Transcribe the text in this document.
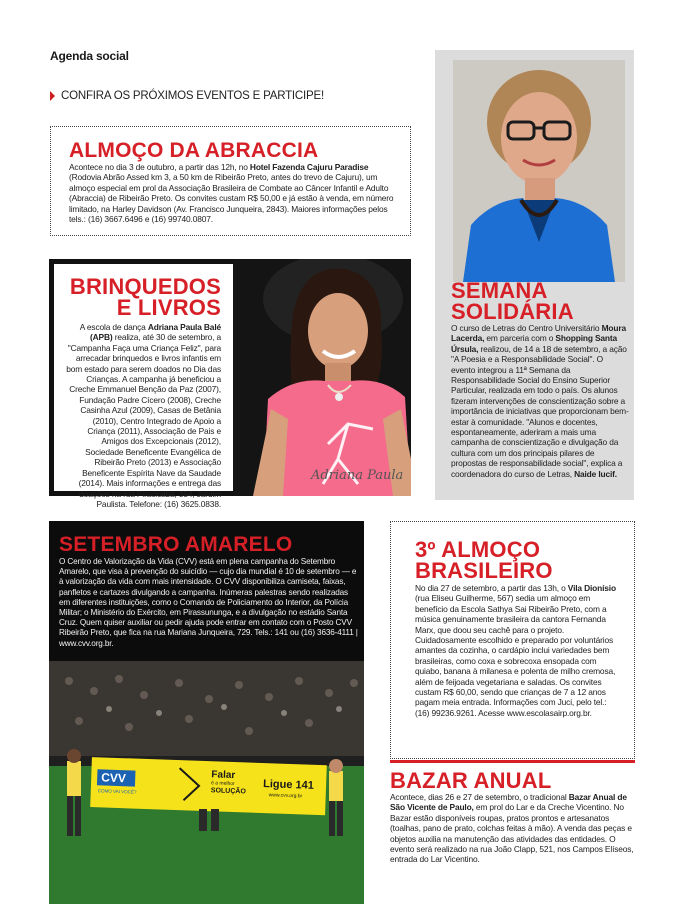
Agenda social
CONFIRA OS PRÓXIMOS EVENTOS E PARTICIPE!
ALMOÇO DA ABRACCIA

Acontece no dia 3 de outubro, a partir das 12h, no Hotel Fazenda Cajuru Paradise (Rodovia Abrão Assed km 3, a 50 km de Ribeirão Preto, antes do trevo de Cajuru), um almoço especial em prol da Associação Brasileira de Combate ao Câncer Infantil e Adulto (Abraccia) de Ribeirão Preto. Os convites custam R$ 50,00 e já estão à venda, em número limitado, na Harley Davidson (Av. Francisco Junqueira, 2843). Maiores informações pelos tels.: (16) 3667.6496 e (16) 99740.0807.

BRINQUEDOS
E LIVROS

A escola de dança Adriana Paula Balé (APB) realiza, até 30 de setembro, a "Campanha Faça uma Criança Feliz", para arrecadar brinquedos e livros infantis em bom estado para serem doados no Dia das Crianças. A campanha já beneficiou a Creche Emmanuel Benção da Paz (2007), Fundação Padre Cícero (2008), Creche Casinha Azul (2009), Casas de Betânia (2010), Centro Integrado de Apoio a Criança (2011), Associação de Pais e Amigos dos Excepcionais (2012), Sociedade Beneficente Evangélica de Ribeirão Preto (2013) e Associação Beneficente Espírita Nave da Saudade (2014). Mais informações e entrega das doações na rua Piracicaba, 354, Jardim Paulista. Telefone: (16) 3625.0838.

Adriana Paula
SEMANA
SOLIDÁRIA

O curso de Letras do Centro Universitário Moura Lacerda, em parceria com o Shopping Santa Úrsula, realizou, de 14 a 18 de setembro, a ação "A Poesia e a Responsabilidade Social". O evento integrou a 11ª Semana da Responsabilidade Social do Ensino Superior Particular, realizada em todo o país. Os alunos fizeram intervenções de conscientização sobre a importância de iniciativas que proporcionam bem-estar à comunidade. "Alunos e docentes, espontaneamente, aderiram a mais uma campanha de conscientização e divulgação da cultura com um dos principais pilares de propostas de responsabilidade social", explica a coordenadora do curso de Letras, Naide Iucif.

CVV
COMO VAI VOCÊ?
Falar
é a melhor
SOLUÇÃO Ligue 141
www.cvv.org.br
SETEMBRO AMARELO

O Centro de Valorização da Vida (CVV) está em plena campanha do Setembro Amarelo, que visa à prevenção do suicídio — cujo dia mundial é 10 de setembro — e à valorização da vida com mais intensidade. O CVV disponibiliza camiseta, faixas, panfletos e cartazes divulgando a campanha. Inúmeras palestras sendo realizadas em diferentes instituições, como o Comando de Policiamento do Interior, da Polícia Militar; o Ministério do Exército, em Pirassununga, e a divulgação no estádio Santa Cruz. Quem quiser auxiliar ou pedir ajuda pode entrar em contato com o Posto CVV Ribeirão Preto, que fica na rua Mariana Junqueira, 729. Tels.: 141 ou (16) 3636-4111 | www.cvv.org.br.

3º ALMOÇO
BRASILEIRO

No dia 27 de setembro, a partir das 13h, o Vila Dionísio (rua Eliseu Guilherme, 567) sedia um almoço em benefício da Escola Sathya Sai Ribeirão Preto, com a música genuinamente brasileira da cantora Fernanda Marx, que doou seu cachê para o projeto. Cuidadosamente escolhido e preparado por voluntários amantes da cozinha, o cardápio inclui variedades bem brasileiras, como coxa e sobrecoxa ensopada com quiabo, banana à milanesa e polenta de milho cremosa, além de feijoada vegetariana e saladas. Os convites custam R$ 60,00, sendo que crianças de 7 a 12 anos pagam meia entrada. Informações com Juci, pelo tel.: (16) 99236.9261. Acesse www.escolasairp.org.br.

BAZAR ANUAL

Acontece, dias 26 e 27 de setembro, o tradicional Bazar Anual de São Vicente de Paulo, em prol do Lar e da Creche Vicentino. No Bazar estão disponíveis roupas, pratos prontos e artesanatos (toalhas, pano de prato, colchas feitas à mão). A venda das peças e objetos auxilia na manutenção das atividades das entidades. O evento será realizado na rua João Clapp, 521, nos Campos Elíseos, entrada do Lar Vicentino.
